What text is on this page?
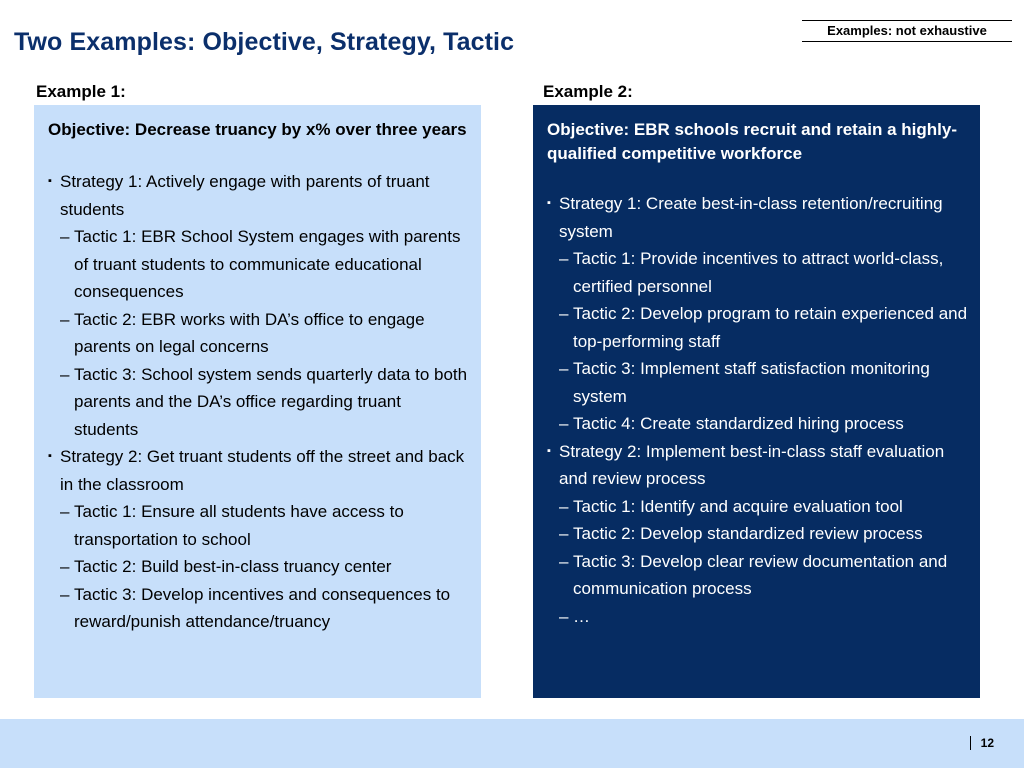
Two Examples: Objective, Strategy, Tactic	Examples: not exhaustive
Example 1:	Example 2:
Objective: Decrease truancy by x% over three years
▪ Strategy 1: Actively engage with parents of truant students
– Tactic 1: EBR School System engages with parents of truant students to communicate educational consequences
– Tactic 2: EBR works with DA’s office to engage parents on legal concerns
– Tactic 3: School system sends quarterly data to both parents and the DA’s office regarding truant students
▪ Strategy 2: Get truant students off the street and back in the classroom
– Tactic 1: Ensure all students have access to transportation to school
– Tactic 2: Build best-in-class truancy center
– Tactic 3: Develop incentives and consequences to reward/punish attendance/truancy
Objective: EBR schools recruit and retain a highly-qualified competitive workforce
▪ Strategy 1: Create best-in-class retention/recruiting system
– Tactic 1: Provide incentives to attract world-class, certified personnel
– Tactic 2: Develop program to retain experienced and top-performing staff
– Tactic 3: Implement staff satisfaction monitoring system
– Tactic 4: Create standardized hiring process
▪ Strategy 2: Implement best-in-class staff evaluation and review process
– Tactic 1: Identify and acquire evaluation tool
– Tactic 2: Develop standardized review process
– Tactic 3: Develop clear review documentation and communication process
– …
12
